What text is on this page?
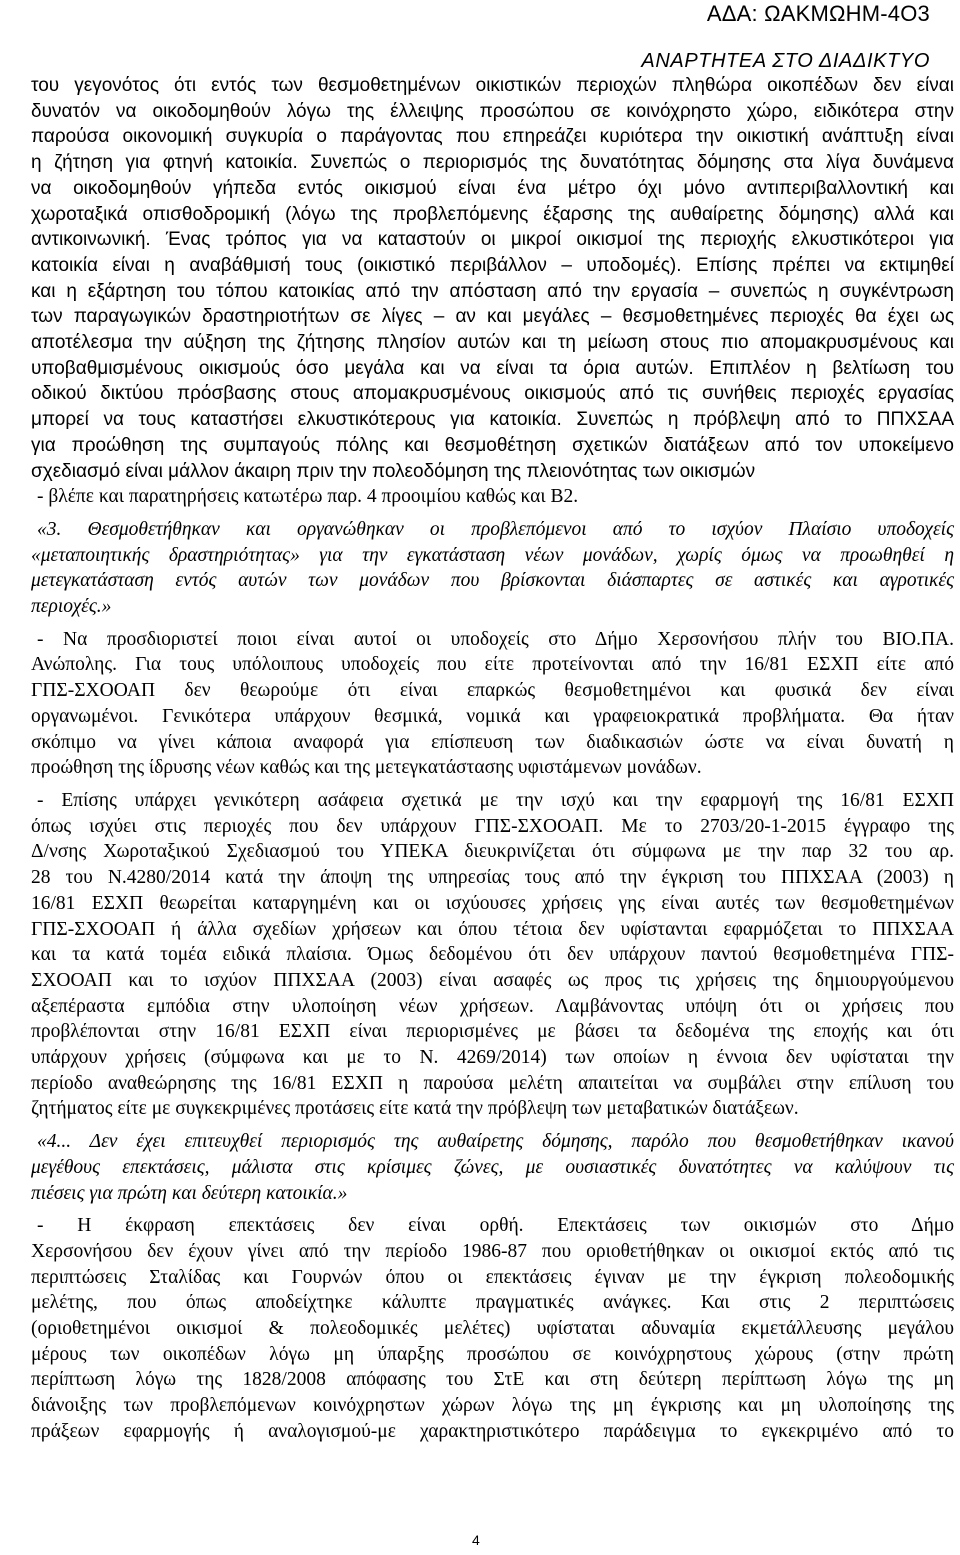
ΑΔΑ: ΩΑΚΜΩΗΜ-4Ο3
ΑΝΑΡΤΗΤΕΑ ΣΤΟ ΔΙΑΔΙΚΤΥΟ
του γεγονότος ότι εντός των θεσμοθετημένων οικιστικών περιοχών πληθώρα οικοπέδων δεν είναι
δυνατόν να οικοδομηθούν λόγω της έλλειψης προσώπου σε κοινόχρηστο χώρο, ειδικότερα στην
παρούσα οικονομική συγκυρία ο παράγοντας που επηρεάζει κυριότερα την οικιστική ανάπτυξη είναι
η ζήτηση για φτηνή κατοικία. Συνεπώς ο περιορισμός της δυνατότητας δόμησης στα λίγα δυνάμενα
να οικοδομηθούν γήπεδα εντός οικισμού είναι ένα μέτρο όχι μόνο αντιπεριβαλλοντική και
χωροταξικά οπισθοδρομική (λόγω της προβλεπόμενης έξαρσης της αυθαίρετης δόμησης) αλλά και
αντικοινωνική. Ένας τρόπος για να καταστούν οι μικροί οικισμοί της περιοχής ελκυστικότεροι για
κατοικία είναι η αναβάθμισή τους (οικιστικό περιβάλλον – υποδομές). Επίσης πρέπει να εκτιμηθεί
και η εξάρτηση του τόπου κατοικίας από την απόσταση από την εργασία – συνεπώς η συγκέντρωση
των παραγωγικών δραστηριοτήτων σε λίγες – αν και μεγάλες – θεσμοθετημένες περιοχές θα έχει ως
αποτέλεσμα την αύξηση της ζήτησης πλησίον αυτών και τη μείωση στους πιο απομακρυσμένους και
υποβαθμισμένους οικισμούς όσο μεγάλα και να είναι τα όρια αυτών. Επιπλέον η βελτίωση του
οδικού δικτύου πρόσβασης στους απομακρυσμένους οικισμούς από τις συνήθεις περιοχές εργασίας
μπορεί να τους καταστήσει ελκυστικότερους για κατοικία. Συνεπώς η πρόβλεψη από το ΠΠΧΣΑΑ
για προώθηση της συμπαγούς πόλης και θεσμοθέτηση σχετικών διατάξεων από τον υποκείμενο
σχεδιασμό είναι μάλλον άκαιρη πριν την πολεοδόμηση της πλειονότητας των οικισμών
- βλέπε και παρατηρήσεις κατωτέρω παρ. 4 προοιμίου καθώς και Β2.
«3. Θεσμοθετήθηκαν και οργανώθηκαν οι προβλεπόμενοι από το ισχύον Πλαίσιο υποδοχείς
«μεταποιητικής δραστηριότητας» για την εγκατάσταση νέων μονάδων, χωρίς όμως να προωθηθεί η
μετεγκατάσταση εντός αυτών των μονάδων που βρίσκονται διάσπαρτες σε αστικές και αγροτικές
περιοχές.»
- Να προσδιοριστεί ποιοι είναι αυτοί οι υποδοχείς στο Δήμο Χερσονήσου πλήν του ΒΙΟ.ΠΑ.
Ανώπολης. Για τους υπόλοιπους υποδοχείς που είτε προτείνονται από την 16/81 ΕΣΧΠ είτε από
ΓΠΣ-ΣΧΟΟΑΠ δεν θεωρούμε ότι είναι επαρκώς θεσμοθετημένοι και φυσικά δεν είναι
οργανωμένοι. Γενικότερα υπάρχουν θεσμικά, νομικά και γραφειοκρατικά προβλήματα. Θα ήταν
σκόπιμο να γίνει κάποια αναφορά για επίσπευση των διαδικασιών ώστε να είναι δυνατή η
προώθηση της ίδρυσης νέων καθώς και της μετεγκατάστασης υφιστάμενων μονάδων.
- Επίσης υπάρχει γενικότερη ασάφεια σχετικά με την ισχύ και την εφαρμογή της 16/81 ΕΣΧΠ
όπως ισχύει στις περιοχές που δεν υπάρχουν ΓΠΣ-ΣΧΟΟΑΠ. Με το 2703/20-1-2015 έγγραφο της
Δ/νσης Χωροταξικού Σχεδιασμού του ΥΠΕΚΑ διευκρινίζεται ότι σύμφωνα με την παρ 32 του αρ.
28 του Ν.4280/2014 κατά την άποψη της υπηρεσίας τους από την έγκριση του ΠΠΧΣΑΑ (2003) η
16/81 ΕΣΧΠ θεωρείται καταργημένη και οι ισχύουσες χρήσεις γης είναι αυτές των θεσμοθετημένων
ΓΠΣ-ΣΧΟΟΑΠ ή άλλα σχεδίων χρήσεων και όπου τέτοια δεν υφίστανται εφαρμόζεται το ΠΠΧΣΑΑ
και τα κατά τομέα ειδικά πλαίσια. Όμως δεδομένου ότι δεν υπάρχουν παντού θεσμοθετημένα ΓΠΣ-
ΣΧΟΟΑΠ και το ισχύον ΠΠΧΣΑΑ (2003) είναι ασαφές ως προς τις χρήσεις της δημιουργούμενου
αξεπέραστα εμπόδια στην υλοποίηση νέων χρήσεων. Λαμβάνοντας υπόψη ότι οι χρήσεις που
προβλέπονται στην 16/81 ΕΣΧΠ είναι περιορισμένες με βάσει τα δεδομένα της εποχής και ότι
υπάρχουν χρήσεις (σύμφωνα και με το Ν. 4269/2014) των οποίων η έννοια δεν υφίσταται την
περίοδο αναθεώρησης της 16/81 ΕΣΧΠ η παρούσα μελέτη απαιτείται να συμβάλει στην επίλυση του
ζητήματος είτε με συγκεκριμένες προτάσεις είτε κατά την πρόβλεψη των μεταβατικών διατάξεων.
«4... Δεν έχει επιτευχθεί περιορισμός της αυθαίρετης δόμησης, παρόλο που θεσμοθετήθηκαν ικανού
μεγέθους επεκτάσεις, μάλιστα στις κρίσιμες ζώνες, με ουσιαστικές δυνατότητες να καλύψουν τις
πιέσεις για πρώτη και δεύτερη κατοικία.»
- Η έκφραση επεκτάσεις δεν είναι ορθή. Επεκτάσεις των οικισμών στο Δήμο
Χερσονήσου δεν έχουν γίνει από την περίοδο 1986-87 που οριοθετήθηκαν οι οικισμοί εκτός από τις
περιπτώσεις Σταλίδας και Γουρνών όπου οι επεκτάσεις έγιναν με την έγκριση πολεοδομικής
μελέτης, που όπως αποδείχτηκε κάλυπτε πραγματικές ανάγκες. Και στις 2 περιπτώσεις
(οριοθετημένοι οικισμοί & πολεοδομικές μελέτες) υφίσταται αδυναμία εκμετάλλευσης μεγάλου
μέρους των οικοπέδων λόγω μη ύπαρξης προσώπου σε κοινόχρηστους χώρους (στην πρώτη
περίπτωση λόγω της 1828/2008 απόφασης του ΣτΕ και στη δεύτερη περίπτωση λόγω της μη
διάνοιξης των προβλεπόμενων κοινόχρηστων χώρων λόγω της μη έγκρισης και μη υλοποίησης της
πράξεων εφαρμογής ή αναλογισμού-με χαρακτηριστικότερο παράδειγμα το εγκεκριμένο από το
4
